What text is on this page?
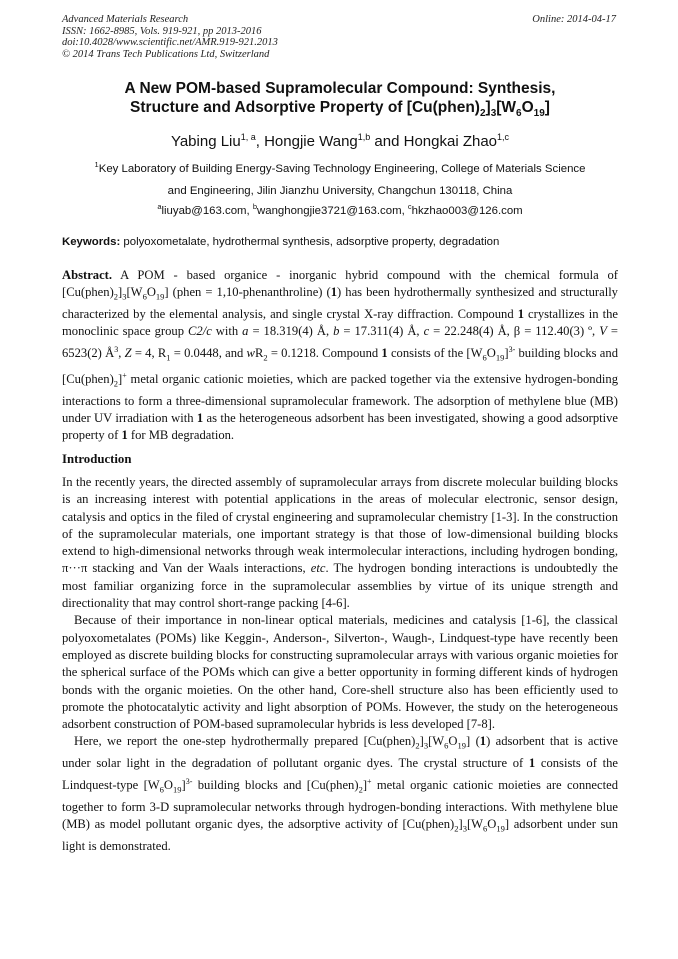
Advanced Materials Research
ISSN: 1662-8985, Vols. 919-921, pp 2013-2016
doi:10.4028/www.scientific.net/AMR.919-921.2013
© 2014 Trans Tech Publications Ltd, Switzerland
Online: 2014-04-17
A New POM-based Supramolecular Compound: Synthesis,
Structure and Adsorptive Property of $[Cu(phen)_2]_3[W_6O_{19}]$
Yabing Liu$^{1, a}$, Hongjie Wang$^{1,b}$ and Hongkai Zhao$^{1,c}$
$^1$Key Laboratory of Building Energy-Saving Technology Engineering, College of Materials Science
and Engineering, Jilin Jianzhu University, Changchun 130118, China
$^a$liuyab@163.com, $^b$wanghongjie3721@163.com, $^c$hkzhao003@126.com
Keywords: polyoxometalate, hydrothermal synthesis, adsorptive property, degradation
Abstract. A POM - based organice - inorganic hybrid compound with the chemical formula of $[Cu(phen)_2]_3[W_6O_{19}]$ (phen = 1,10-phenanthroline) (1) has been hydrothermally synthesized and structurally characterized by the elemental analysis, and single crystal X-ray diffraction. Compound 1 crystallizes in the monoclinic space group C2/c with a = 18.319(4) Å, b = 17.311(4) Å, c = 22.248(4) Å, β = 112.40(3) º, V = 6523(2) $Å^3$, Z = 4, $R_1 = 0.0448$, and $wR_2 = 0.1218$. Compound 1 consists of the $[W_6O_{19}]^{3-}$ building blocks and $[Cu(phen)_2]^+$ metal organic cationic moieties, which are packed together via the extensive hydrogen-bonding interactions to form a three-dimensional supramolecular framework. The adsorption of methylene blue (MB) under UV irradiation with 1 as the heterogeneous adsorbent has been investigated, showing a good adsorptive property of 1 for MB degradation.
Introduction

In the recently years, the directed assembly of supramolecular arrays from discrete molecular building blocks is an increasing interest with potential applications in the areas of molecular electronic, sensor design, catalysis and optics in the filed of crystal engineering and supramolecular chemistry [1-3]. In the construction of the supramolecular materials, one important strategy is that those of low-dimensional building blocks extend to high-dimensional networks through weak intermolecular interactions, including hydrogen bonding, π···π stacking and Van der Waals interactions, etc. The hydrogen bonding interactions is undoubtedly the most familiar organizing force in the supramolecular assemblies by virtue of its unique strength and directionality that may control short-range packing [4-6].

Because of their importance in non-linear optical materials, medicines and catalysis [1-6], the classical polyoxometalates (POMs) like Keggin-, Anderson-, Silverton-, Waugh-, Lindquest-type have recently been employed as discrete building blocks for constructing supramolecular arrays with various organic moieties for the spherical surface of the POMs which can give a better opportunity in forming different kinds of hydrogen bonds with the organic moieties. On the other hand, Core-shell structure also has been efficiently used to promote the photocatalytic activity and light absorption of POMs. However, the study on the heterogeneous adsorbent construction of POM-based supramolecular hybrids is less developed [7-8].

Here, we report the one-step hydrothermally prepared $[Cu(phen)_2]_3[W_6O_{19}]$ (1) adsorbent that is active under solar light in the degradation of pollutant organic dyes. The crystal structure of 1 consists of the Lindquest-type $[W_6O_{19}]^{3-}$ building blocks and $[Cu(phen)_2]^+$ metal organic cationic moieties are connected together to form 3-D supramolecular networks through hydrogen-bonding interactions. With methylene blue (MB) as model pollutant organic dyes, the adsorptive activity of $[Cu(phen)_2]_3[W_6O_{19}]$ adsorbent under sun light is demonstrated.
